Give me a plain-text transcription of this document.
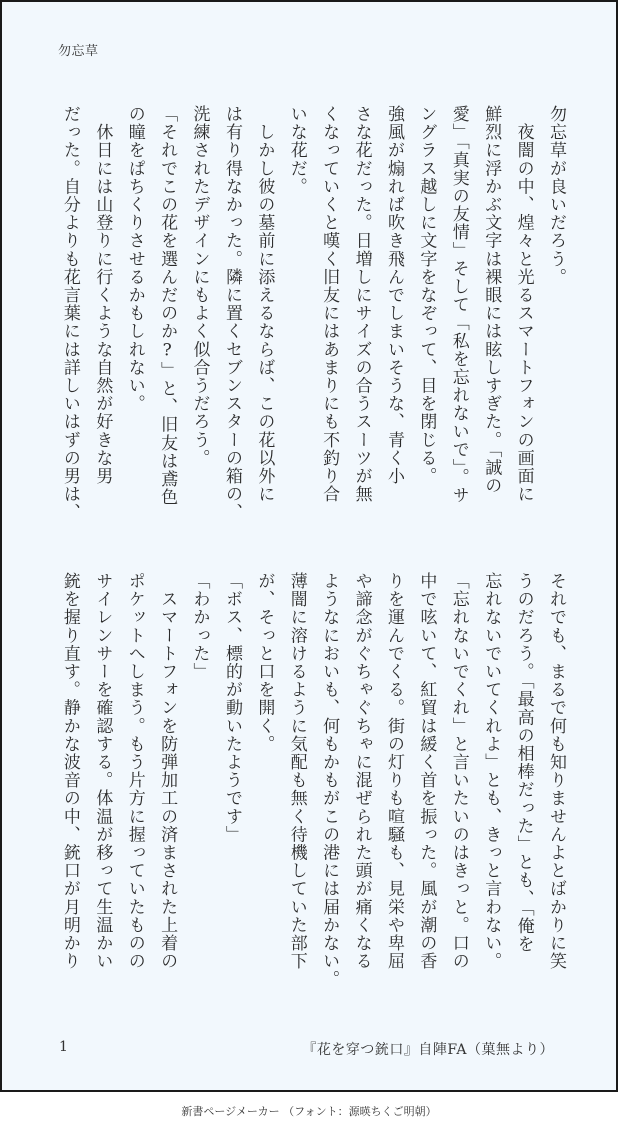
勿忘草
勿忘草が良いだろう。
　夜闇の中、煌々と光るスマートフォンの画面に
鮮烈に浮かぶ文字は裸眼には眩しすぎた。「誠の
愛」「真実の友情」そして「私を忘れないで」。サ
ングラス越しに文字をなぞって、目を閉じる。
強風が煽れば吹き飛んでしまいそうな、青く小
さな花だった。日増しにサイズの合うスーツが無
くなっていくと嘆く旧友にはあまりにも不釣り合
いな花だ。
　しかし彼の墓前に添えるならば、この花以外に
は有り得なかった。隣に置くセブンスターの箱の、
洗練されたデザインにもよく似合うだろう。
「それでこの花を選んだのか?」と、旧友は鳶色
の瞳をぱちくりさせるかもしれない。
　休日には山登りに行くような自然が好きな男
だった。自分よりも花言葉には詳しいはずの男は、
それでも、まるで何も知りませんよとばかりに笑
うのだろう。「最高の相棒だった」とも、「俺を
忘れないでいてくれよ」とも、きっと言わない。
「忘れないでくれ」と言いたいのはきっと。口の
中で呟いて、紅貿は緩く首を振った。風が潮の香
りを運んでくる。街の灯りも喧騒も、見栄や卑屈
や諦念がぐちゃぐちゃに混ぜられた頭が痛くなる
ようなにおいも、何もかもがこの港には届かない。
薄闇に溶けるように気配も無く待機していた部下
が、そっと口を開く。
「ボス、標的が動いたようです」
「わかった」
　スマートフォンを防弾加工の済まされた上着の
ポケットへしまう。もう片方に握っていたものの
サイレンサーを確認する。体温が移って生温かい
銃を握り直す。静かな波音の中、銃口が月明かり
1	『花を穿つ銃口』自陣FA（菓無より）
新書ページメーカー （フォント：源暎ちくご明朝）
